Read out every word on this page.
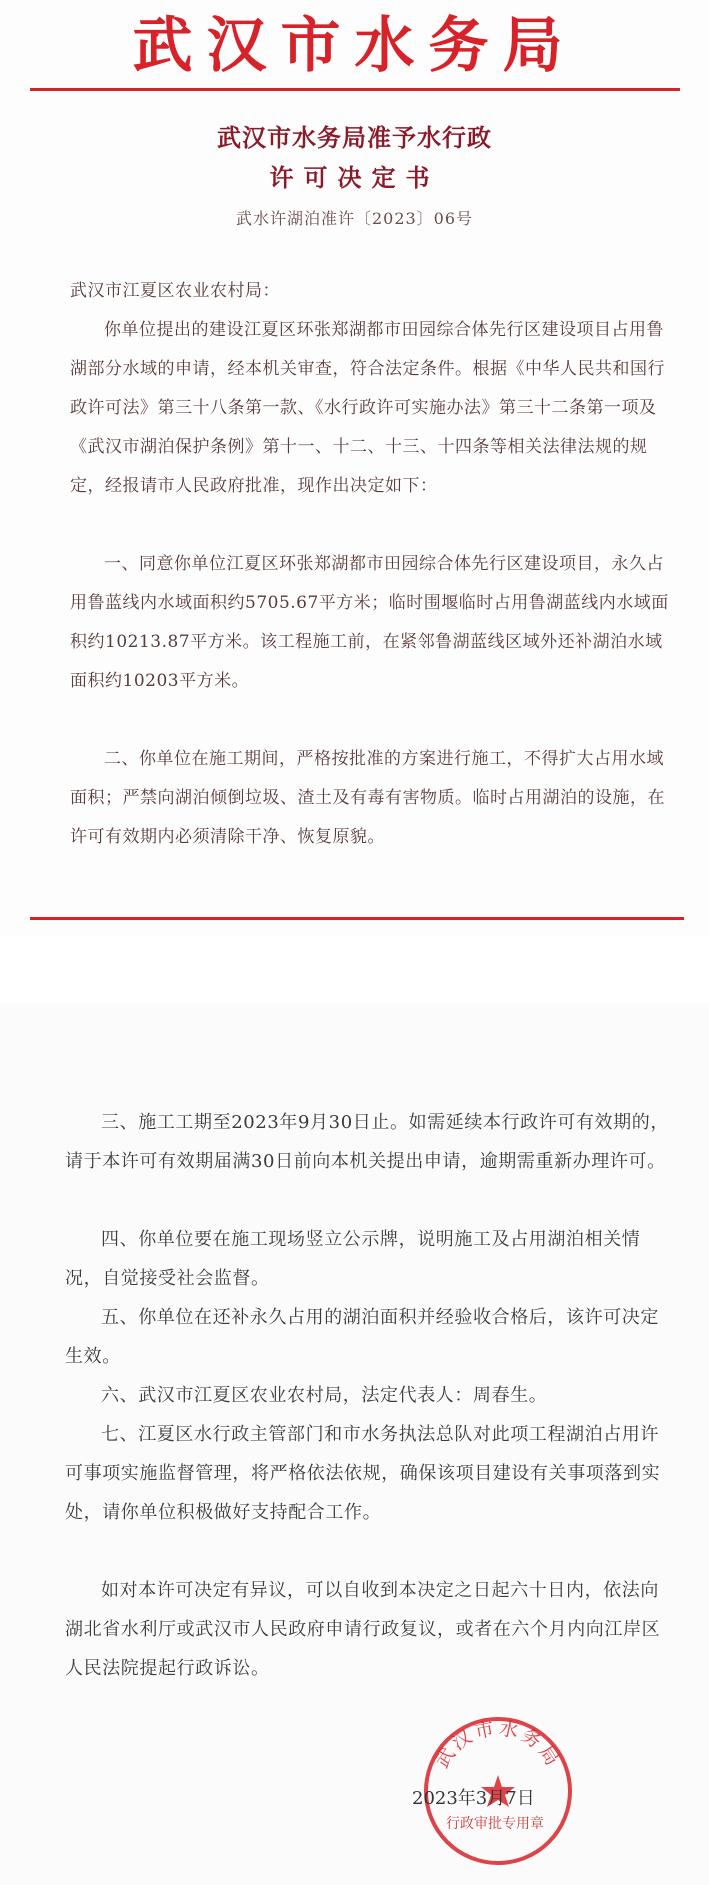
武汉市水务局
武汉市水务局准予水行政
许可决定书
武水许湖泊准许〔2023〕06号
武汉市江夏区农业农村局：
你单位提出的建设江夏区环张郑湖都市田园综合体先行区建设项目占用鲁湖部分水域的申请，经本机关审查，符合法定条件。根据《中华人民共和国行政许可法》第三十八条第一款、《水行政许可实施办法》第三十二条第一项及《武汉市湖泊保护条例》第十一、十二、十三、十四条等相关法律法规的规定，经报请市人民政府批准，现作出决定如下：
一、同意你单位江夏区环张郑湖都市田园综合体先行区建设项目，永久占用鲁蓝线内水域面积约5705.67平方米；临时围堰临时占用鲁湖蓝线内水域面积约10213.87平方米。该工程施工前，在紧邻鲁湖蓝线区域外还补湖泊水域面积约10203平方米。
二、你单位在施工期间，严格按批准的方案进行施工，不得扩大占用水域面积；严禁向湖泊倾倒垃圾、渣土及有毒有害物质。临时占用湖泊的设施，在许可有效期内必须清除干净、恢复原貌。
三、施工工期至2023年9月30日止。如需延续本行政许可有效期的，请于本许可有效期届满30日前向本机关提出申请，逾期需重新办理许可。
四、你单位要在施工现场竖立公示牌，说明施工及占用湖泊相关情况，自觉接受社会监督。
五、你单位在还补永久占用的湖泊面积并经验收合格后，该许可决定生效。
六、武汉市江夏区农业农村局，法定代表人：周春生。
七、江夏区水行政主管部门和市水务执法总队对此项工程湖泊占用许可事项实施监督管理，将严格依法依规，确保该项目建设有关事项落到实处，请你单位积极做好支持配合工作。
如对本许可决定有异议，可以自收到本决定之日起六十日内，依法向湖北省水利厅或武汉市人民政府申请行政复议，或者在六个月内向江岸区人民法院提起行政诉讼。
武汉市水务局
2023年3月7日
行政审批专用章
